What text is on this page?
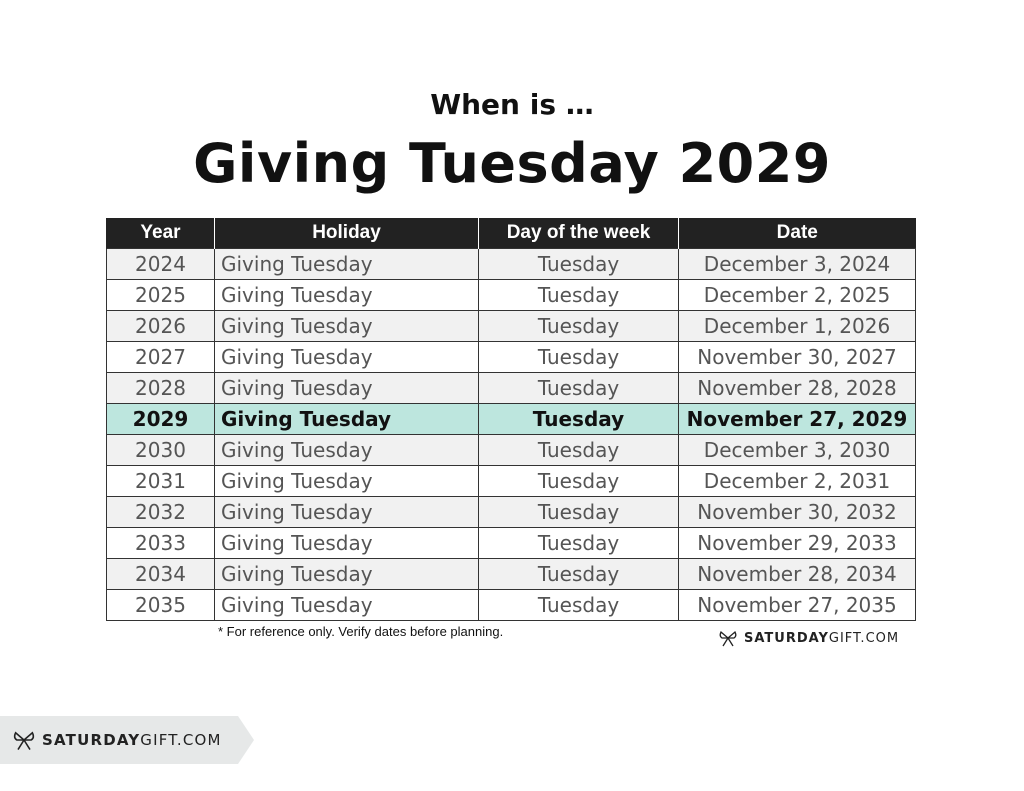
When is …
Giving Tuesday 2029
Year	Holiday	Day of the week	Date
2024	Giving Tuesday	Tuesday	December 3, 2024
2025	Giving Tuesday	Tuesday	December 2, 2025
2026	Giving Tuesday	Tuesday	December 1, 2026
2027	Giving Tuesday	Tuesday	November 30, 2027
2028	Giving Tuesday	Tuesday	November 28, 2028
2029	Giving Tuesday	Tuesday	November 27, 2029
2030	Giving Tuesday	Tuesday	December 3, 2030
2031	Giving Tuesday	Tuesday	December 2, 2031
2032	Giving Tuesday	Tuesday	November 30, 2032
2033	Giving Tuesday	Tuesday	November 29, 2033
2034	Giving Tuesday	Tuesday	November 28, 2034
2035	Giving Tuesday	Tuesday	November 27, 2035
* For reference only. Verify dates before planning.	SATURDAYGIFT.COM
SATURDAYGIFT.COM
